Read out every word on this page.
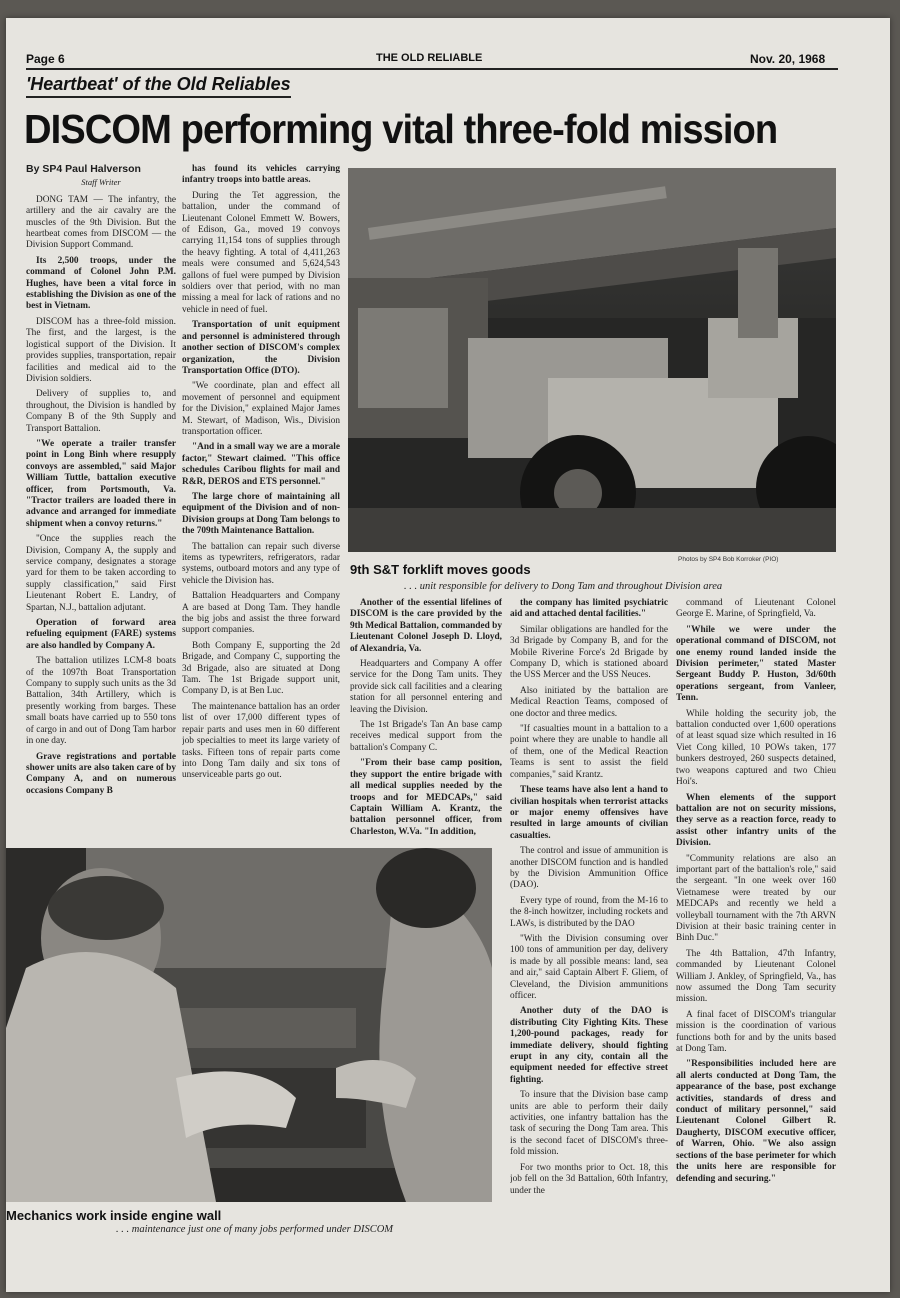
Page 6	THE OLD RELIABLE	Nov. 20, 1968
'Heartbeat' of the Old Reliables
DISCOM performing vital three-fold mission
By SP4 Paul Halverson
Staff Writer

DONG TAM — The infantry, the artillery and the air cavalry are the muscles of the 9th Division. But the heartbeat comes from DISCOM — the Division Support Command.

Its 2,500 troops, under the command of Colonel John P.M. Hughes, have been a vital force in establishing the Division as one of the best in Vietnam.

DISCOM has a three-fold mission. The first, and the largest, is the logistical support of the Division. It provides supplies, transportation, repair facilities and medical aid to the Division soldiers.

Delivery of supplies to, and throughout, the Division is handled by Company B of the 9th Supply and Transport Battalion.

"We operate a trailer transfer point in Long Binh where resupply convoys are assembled," said Major William Tuttle, battalion executive officer, from Portsmouth, Va. "Tractor trailers are loaded there in advance and arranged for immediate shipment when a convoy returns."

"Once the supplies reach the Division, Company A, the supply and service company, designates a storage yard for them to be taken according to supply classification," said First Lieutenant Robert E. Landry, of Spartan, N.J., battalion adjutant.

Operation of forward area refueling equipment (FARE) systems are also handled by Company A.

The battalion utilizes LCM-8 boats of the 1097th Boat Transportation Company to supply such units as the 3d Battalion, 34th Artillery, which is presently working from barges. These small boats have carried up to 550 tons of cargo in and out of Dong Tam harbor in one day.

Grave registrations and portable shower units are also taken care of by Company A, and on numerous occasions Company B

has found its vehicles carrying infantry troops into battle areas.

During the Tet aggression, the battalion, under the command of Lieutenant Colonel Emmett W. Bowers, of Edison, Ga., moved 19 convoys carrying 11,154 tons of supplies through the heavy fighting. A total of 4,411,263 meals were consumed and 5,624,543 gallons of fuel were pumped by Division soldiers over that period, with no man missing a meal for lack of rations and no vehicle in need of fuel.

Transportation of unit equipment and personnel is administered through another section of DISCOM's complex organization, the Division Transportation Office (DTO).

"We coordinate, plan and effect all movement of personnel and equipment for the Division," explained Major James M. Stewart, of Madison, Wis., Division transportation officer.

"And in a small way we are a morale factor," Stewart claimed. "This office schedules Caribou flights for mail and R&R, DEROS and ETS personnel."

The large chore of maintaining all equipment of the Division and of non-Division groups at Dong Tam belongs to the 709th Maintenance Battalion.

The battalion can repair such diverse items as typewriters, refrigerators, radar systems, outboard motors and any type of vehicle the Division has.

Battalion Headquarters and Company A are based at Dong Tam. They handle the big jobs and assist the three forward support companies.

Both Company E, supporting the 2d Brigade, and Company C, supporting the 3d Brigade, also are situated at Dong Tam. The 1st Brigade support unit, Company D, is at Ben Luc.

The maintenance battalion has an order list of over 17,000 different types of repair parts and uses men in 60 different job specialties to meet its large variety of tasks. Fifteen tons of repair parts come into Dong Tam daily and six tons of unserviceable parts go out.

Photos by SP4 Bob Korroker (PIO)
9th S&T forklift moves goods
. . . unit responsible for delivery to Dong Tam and throughout Division area

Another of the essential lifelines of DISCOM is the care provided by the 9th Medical Battalion, commanded by Lieutenant Colonel Joseph D. Lloyd, of Alexandria, Va.

Headquarters and Company A offer service for the Dong Tam units. They provide sick call facilities and a clearing station for all personnel entering and leaving the Division.

The 1st Brigade's Tan An base camp receives medical support from the battalion's Company C.

"From their base camp position, they support the entire brigade with all medical supplies needed by the troops and for MEDCAPs," said Captain William A. Krantz, the battalion personnel officer, from Charleston, W.Va. "In addition,

the company has limited psychiatric aid and attached dental facilities."

Similar obligations are handled for the 3d Brigade by Company B, and for the Mobile Riverine Force's 2d Brigade by Company D, which is stationed aboard the USS Mercer and the USS Neuces.

Also initiated by the battalion are Medical Reaction Teams, composed of one doctor and three medics.

"If casualties mount in a battalion to a point where they are unable to handle all of them, one of the Medical Reaction Teams is sent to assist the field companies," said Krantz.

These teams have also lent a hand to civilian hospitals when terrorist attacks or major enemy offensives have resulted in large amounts of civilian casualties.

The control and issue of ammunition is another DISCOM function and is handled by the Division Ammunition Office (DAO).

Every type of round, from the M-16 to the 8-inch howitzer, including rockets and LAWs, is distributed by the DAO

"With the Division consuming over 100 tons of ammunition per day, delivery is made by all possible means: land, sea and air," said Captain Albert F. Gliem, of Cleveland, the Division ammunitions officer.

Another duty of the DAO is distributing City Fighting Kits. These 1,200-pound packages, ready for immediate delivery, should fighting erupt in any city, contain all the equipment needed for effective street fighting.

To insure that the Division base camp units are able to perform their daily activities, one infantry battalion has the task of securing the Dong Tam area. This is the second facet of DISCOM's three-fold mission.

For two months prior to Oct. 18, this job fell on the 3d Battalion, 60th Infantry, under the

command of Lieutenant Colonel George E. Marine, of Springfield, Va.

"While we were under the operational command of DISCOM, not one enemy round landed inside the Division perimeter," stated Master Sergeant Buddy P. Huston, 3d/60th operations sergeant, from Vanleer, Tenn.

While holding the security job, the battalion conducted over 1,600 operations of at least squad size which resulted in 16 Viet Cong killed, 10 POWs taken, 177 bunkers destroyed, 260 suspects detained, two weapons captured and two Chieu Hoi's.

When elements of the support battalion are not on security missions, they serve as a reaction force, ready to assist other infantry units of the Division.

"Community relations are also an important part of the battalion's role," said the sergeant. "In one week over 160 Vietnamese were treated by our MEDCAPs and recently we held a volleyball tournament with the 7th ARVN Division at their basic training center in Binh Duc."

The 4th Battalion, 47th Infantry, commanded by Lieutenant Colonel William J. Ankley, of Springfield, Va., has now assumed the Dong Tam security mission.

A final facet of DISCOM's triangular mission is the coordination of various functions both for and by the units based at Dong Tam.

"Responsibilities included here are all alerts conducted at Dong Tam, the appearance of the base, post exchange activities, standards of dress and conduct of military personnel," said Lieutenant Colonel Gilbert R. Daugherty, DISCOM executive officer, of Warren, Ohio. "We also assign sections of the base perimeter for which the units here are responsible for defending and securing."

Mechanics work inside engine wall
. . . maintenance just one of many jobs performed under DISCOM
